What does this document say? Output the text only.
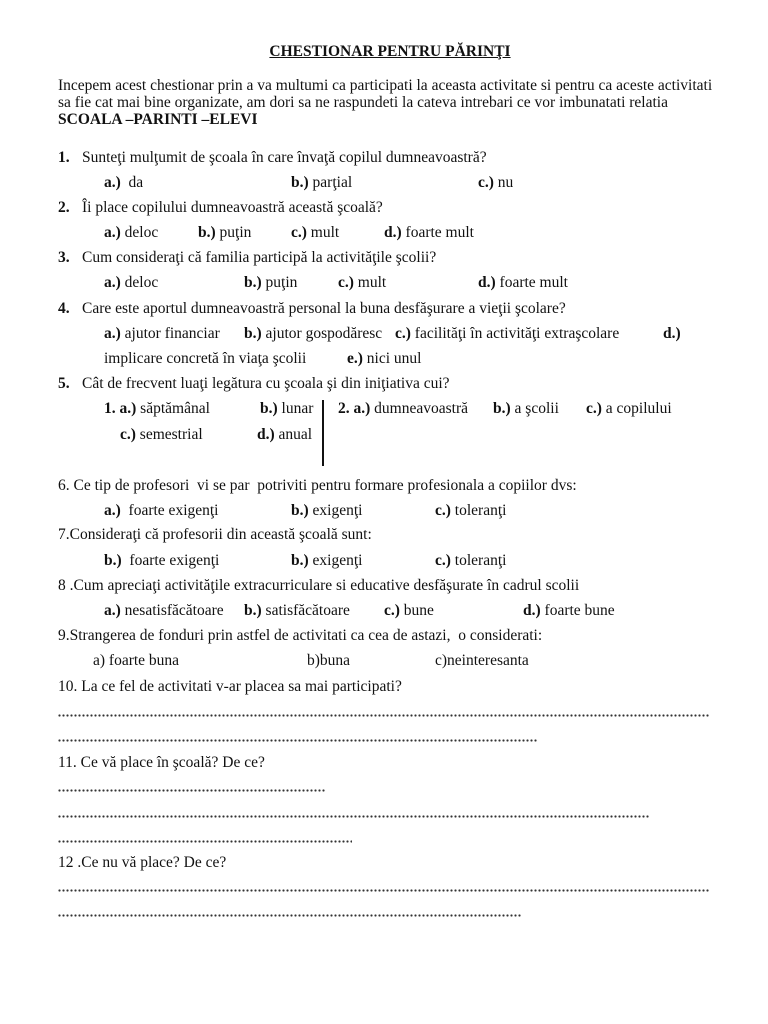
CHESTIONAR PENTRU PĂRINŢI
Incepem acest chestionar prin a va multumi ca participati la aceasta activitate si pentru ca aceste activitati
sa fie cat mai bine organizate, am dori sa ne raspundeti la cateva intrebari ce vor imbunatati relatia
SCOALA –PARINTI –ELEVI
1. Sunteţi mulţumit de şcoala în care învaţă copilul dumneavoastră?
a.)  da	b.) parţial	c.) nu
2. Îi place copilului dumneavoastră această şcoală?
a.) deloc	b.) puţin	c.) mult	d.) foarte mult
3. Cum consideraţi că familia participă la activităţile şcolii?
a.) deloc	b.) puţin	c.) mult	d.) foarte mult
4. Care este aportul dumneavoastră personal la buna desfăşurare a vieţii şcolare?
a.) ajutor financiar b.) ajutor gospodăresc c.) facilităţi în activităţi extraşcolare	d.)
implicare concretă în viaţa şcolii	e.) nici unul
5. Cât de frecvent luaţi legătura cu şcoala şi din iniţiativa cui?
1. a.) săptămânal	b.) lunar
c.) semestrial	d.) anual
2. a.) dumneavoastră b.) a şcolii c.) a copilului
6. Ce tip de profesori  vi se par  potriviti pentru formare profesionala a copiilor dvs:
a.)  foarte exigenţi	b.) exigenţi	c.) toleranţi
7.Consideraţi că profesorii din această şcoală sunt:
b.)  foarte exigenţi	b.) exigenţi	c.) toleranţi
8 .Cum apreciaţi activităţile extracurriculare si educative desfăşurate în cadrul scolii
a.) nesatisfăcătoare b.) satisfăcătoare c.) bune	d.) foarte bune
9.Strangerea de fonduri prin astfel de activitati ca cea de astazi,  o considerati:
a) foarte buna	b)buna	c)neinteresanta
10. La ce fel de activitati v-ar placea sa mai participati?
11. Ce vă place în şcoală? De ce?
12 .Ce nu vă place? De ce?
